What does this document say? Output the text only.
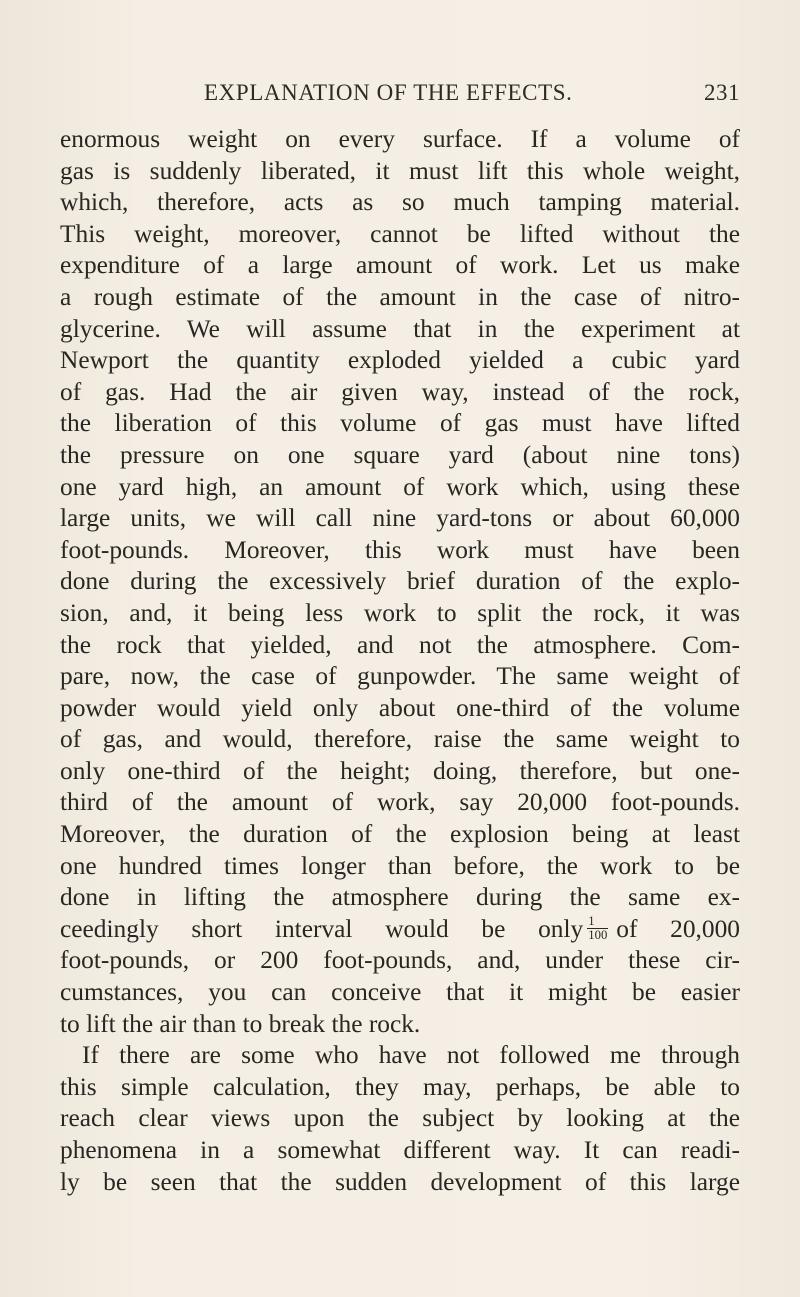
EXPLANATION OF THE EFFECTS.	231
enormous weight on every surface. If a volume of
gas is suddenly liberated, it must lift this whole weight,
which, therefore, acts as so much tamping material.
This weight, moreover, cannot be lifted without the
expenditure of a large amount of work. Let us make
a rough estimate of the amount in the case of nitro-
glycerine. We will assume that in the experiment at
Newport the quantity exploded yielded a cubic yard
of gas. Had the air given way, instead of the rock,
the liberation of this volume of gas must have lifted
the pressure on one square yard (about nine tons)
one yard high, an amount of work which, using these
large units, we will call nine yard-tons or about 60,000
foot-pounds. Moreover, this work must have been
done during the excessively brief duration of the explo-
sion, and, it being less work to split the rock, it was
the rock that yielded, and not the atmosphere. Com-
pare, now, the case of gunpowder. The same weight of
powder would yield only about one-third of the volume
of gas, and would, therefore, raise the same weight to
only one-third of the height; doing, therefore, but one-
third of the amount of work, say 20,000 foot-pounds.
Moreover, the duration of the explosion being at least
one hundred times longer than before, the work to be
done in lifting the atmosphere during the same ex-
ceedingly short interval would be only $\frac{1}{100}$ of 20,000
foot-pounds, or 200 foot-pounds, and, under these cir-
cumstances, you can conceive that it might be easier
to lift the air than to break the rock.
If there are some who have not followed me through
this simple calculation, they may, perhaps, be able to
reach clear views upon the subject by looking at the
phenomena in a somewhat different way. It can readi-
ly be seen that the sudden development of this large
